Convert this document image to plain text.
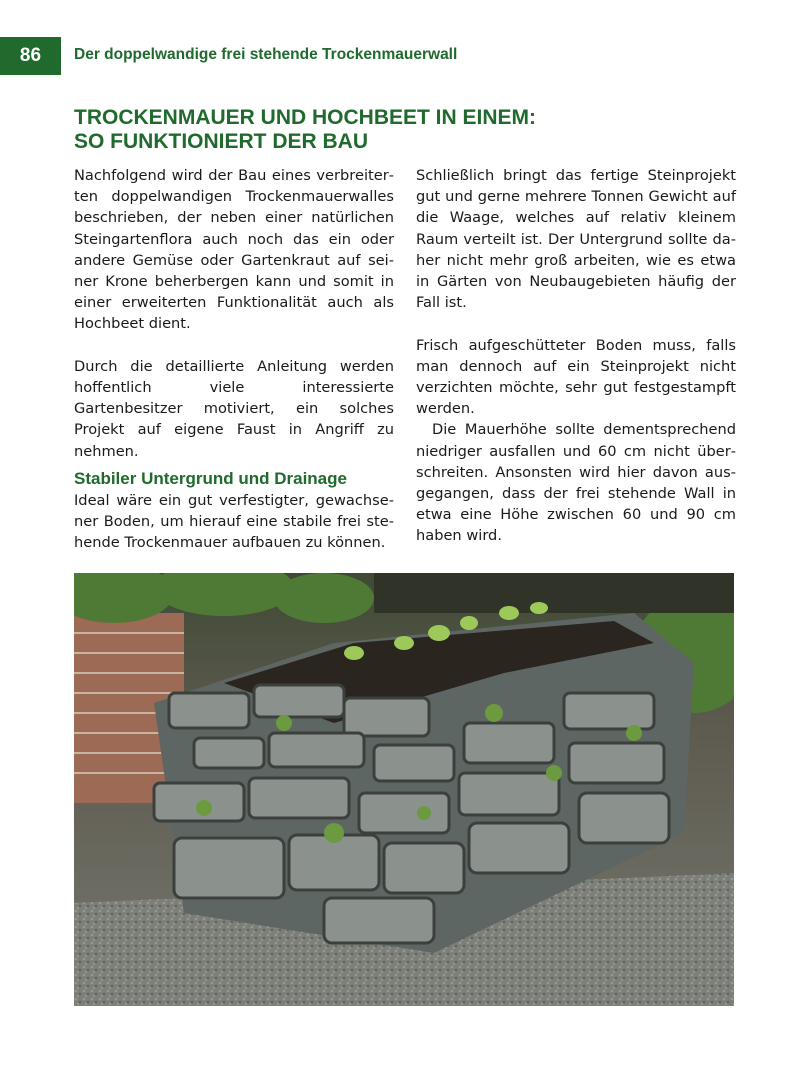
86	Der doppelwandige frei stehende Trockenmauerwall
TROCKENMAUER UND HOCHBEET IN EINEM:
SO FUNKTIONIERT DER BAU

Nachfolgend wird der Bau eines verbreiterten doppelwandigen Trockenmauerwalles beschrieben, der neben einer natürlichen Steingartenflora auch noch das ein oder andere Gemüse oder Gartenkraut auf seiner Krone beherbergen kann und somit in einer erweiterten Funktionalität auch als Hochbeet dient.

Durch die detaillierte Anleitung werden hoffentlich viele interessierte Gartenbesitzer motiviert, ein solches Projekt auf eigene Faust in Angriff zu nehmen.

Stabiler Untergrund und Drainage

Ideal wäre ein gut verfestigter, gewachsener Boden, um hierauf eine stabile frei stehende Trockenmauer aufbauen zu können.

Schließlich bringt das fertige Steinprojekt gut und gerne mehrere Tonnen Gewicht auf die Waage, welches auf relativ kleinem Raum verteilt ist. Der Untergrund sollte daher nicht mehr groß arbeiten, wie es etwa in Gärten von Neubaugebieten häufig der Fall ist.

Frisch aufgeschütteter Boden muss, falls man dennoch auf ein Steinprojekt nicht verzichten möchte, sehr gut festgestampft werden.

Die Mauerhöhe sollte dementsprechend niedriger ausfallen und 60 cm nicht überschreiten. Ansonsten wird hier davon ausgegangen, dass der frei stehende Wall in etwa eine Höhe zwischen 60 und 90 cm haben wird.
